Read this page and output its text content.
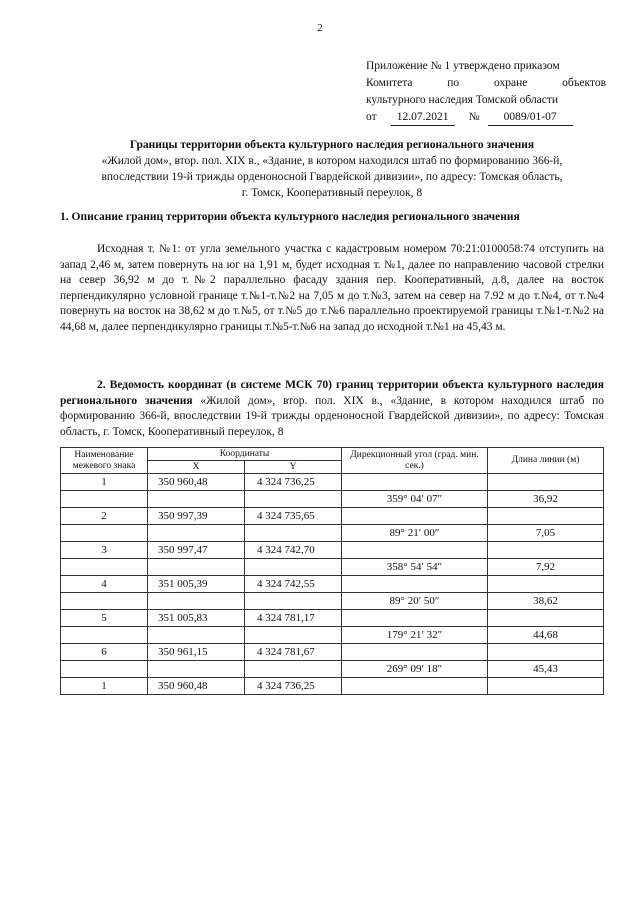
2
Приложение № 1 утверждено приказом
Комитета	по	охране	объектов
культурного наследия Томской области
от	12.07.2021	№	0089/01-07
Границы территории объекта культурного наследия регионального значения
«Жилой дом», втор. пол. XIX в., «Здание, в котором находился штаб по формированию 366-й,
впоследствии 19-й трижды орденоносной Гвардейской дивизии», по адресу: Томская область,
г. Томск, Кооперативный переулок, 8
1. Описание границ территории объекта культурного наследия регионального значения
Исходная т. №1: от угла земельного участка с кадастровым номером 70:21:0100058:74 отступить на запад 2,46 м, затем повернуть на юг на 1,91 м, будет исходная т. №1, далее по направлению часовой стрелки на север 36,92 м до т.№2 параллельно фасаду здания пер. Кооперативный, д.8, далее на восток перпендикулярно условной границе т.№1-т.№2 на 7,05 м до т.№3, затем на север на 7.92 м до т.№4, от т.№4 повернуть на восток на 38,62 м до т.№5, от т.№5 до т.№6 параллельно проектируемой границы т.№1-т.№2 на 44,68 м, далее перпендикулярно границы т.№5-т.№6 на запад до исходной т.№1 на 45,43 м.
2. Ведомость координат (в системе МСК 70) границ территории объекта культурного наследия регионального значения «Жилой дом», втор. пол. XIX в., «Здание, в котором находился штаб по формированию 366-й, впоследствии 19-й трижды орденоносной Гвардейской дивизии», по адресу: Томская область, г. Томск, Кооперативный переулок, 8
Наименование межевого знака	Координаты		Дирекционный угол (град. мин. сек.)	Длина линии (м)
	X	Y		
1	350 960,48	4 324 736,25		
			359° 04′ 07″	36,92
2	350 997,39	4 324 735,65		
			89° 21′ 00″	7,05
3	350 997,47	4 324 742,70		
			358° 54′ 54″	7,92
4	351 005,39	4 324 742,55		
			89° 20′ 50″	38,62
5	351 005,83	4 324 781,17		
			179° 21′ 32″	44,68
6	350 961,15	4 324 781,67		
			269° 09′ 18″	45,43
1	350 960,48	4 324 736,25		
